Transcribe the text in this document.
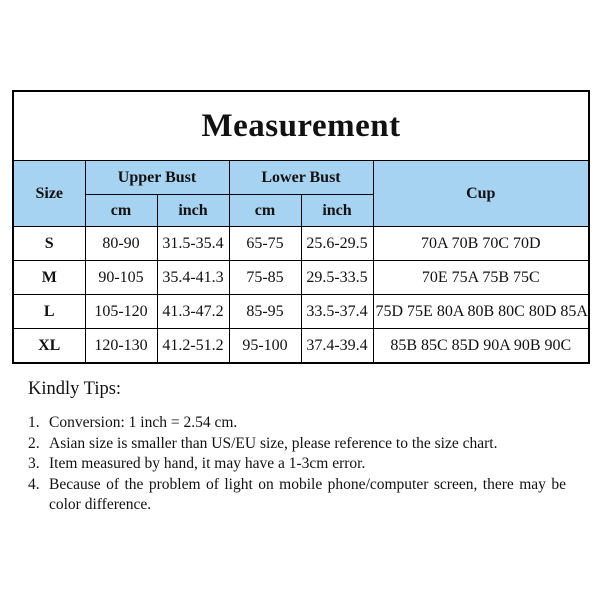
Measurement					
Size	Upper Bust		Lower Bust		Cup
	cm	inch	cm	inch	
S	80-90	31.5-35.4	65-75	25.6-29.5	70A 70B 70C 70D
M	90-105	35.4-41.3	75-85	29.5-33.5	70E 75A 75B 75C
L	105-120	41.3-47.2	85-95	33.5-37.4	75D 75E 80A 80B 80C 80D 85A
XL	120-130	41.2-51.2	95-100	37.4-39.4	85B 85C 85D 90A 90B 90C
Kindly Tips:
1. Conversion: 1 inch = 2.54 cm.
2. Asian size is smaller than US/EU size, please reference to the size chart.
3. Item measured by hand, it may have a 1-3cm error.
4. Because of the problem of light on mobile phone/computer screen, there may be color difference.
